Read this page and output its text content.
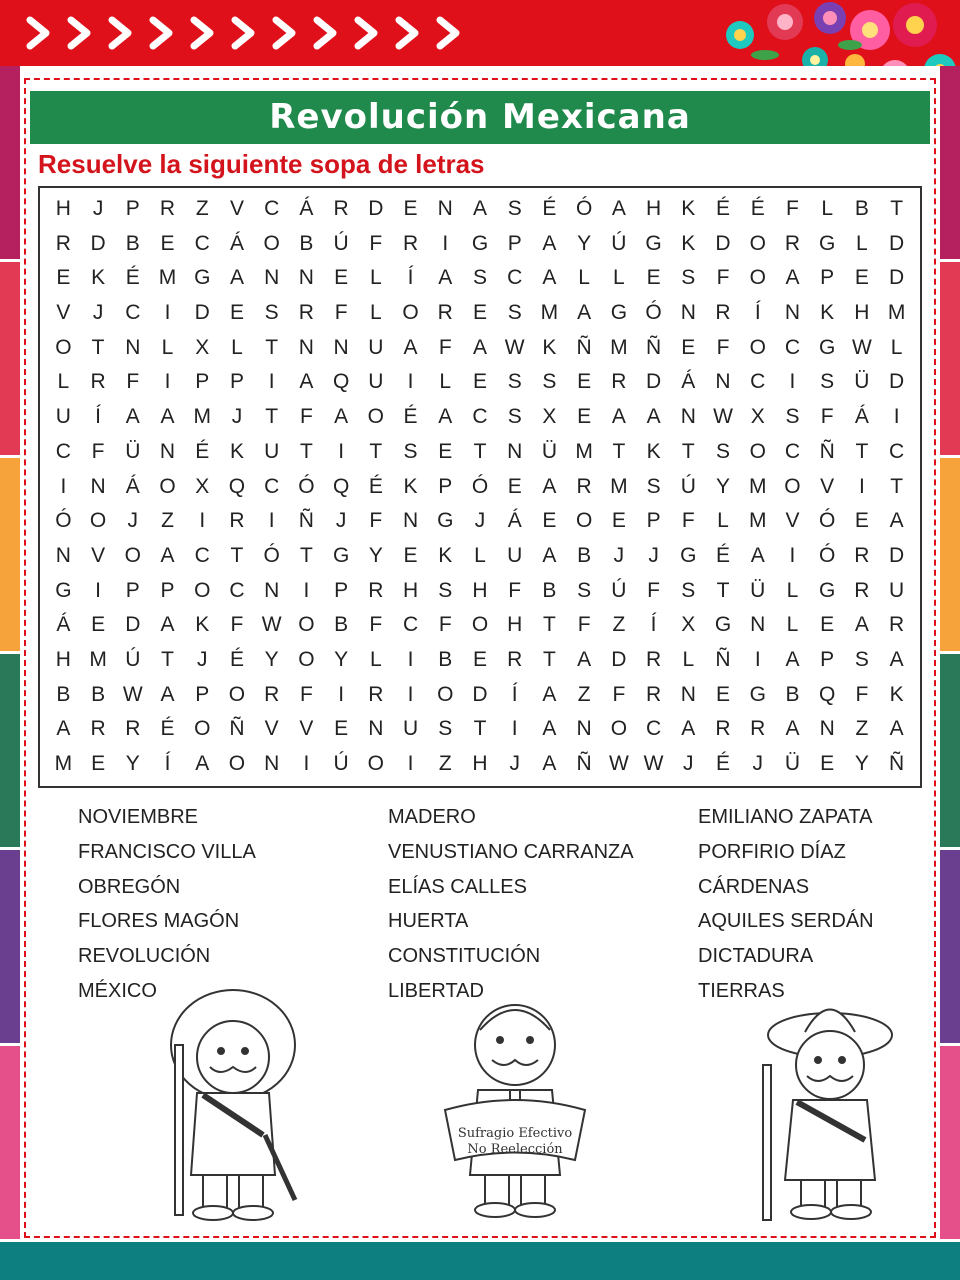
Revolución Mexicana
Resuelve la siguiente sopa de letras
H	J	P R Z	V C Á R D E N A S É Ó A H K É É	F	L	B	T
R D B E C Á O B Ú F R	I	G P A Y Ú G K D O R G L	D
E K É M G A N N E	L	Í	A S C A	L	L	E S	F O A P E D
V	J	C	I	D E S R F	L O R E S M A G Ó N R	Í	N K H M
O T N	L	X	L	T N N U A	F	A W K Ñ M Ñ E	F O C G W L
L	R F	I	P P	I	A Q U	I	L	E S S E R D Á N C	I	S Ü D
U	Í	A A M J	T	F	A O É A C S X E A A N W X S	F	Á	I
C F Ü N É K U T	I	T	S E	T N Ü M T	K	T	S O C Ñ T C
I	N Á O X Q C Ó Q É K P Ó E A R M S Ú Y M O V	I	T
Ó O	J	Z	I	R	I	Ñ	J	F N G	J	Á E O E P	F	L M V Ó E A
N V O A C T Ó T G Y E K	L	U A B	J	J	G É A	I	Ó R D
G	I	P P O C N	I	P R H S H F	B S Ú F	S	T Ü	L G R U
Á E D A K	F W O B	F C F O H T	F	Z	Í	X G N	L	E A R
H M Ú T	J	É Y O Y	L	I	B E R T	A D R	L	Ñ	I	A P S A
B B W A P O R F	I	R	I	O D	Í	A	Z	F R N E G B Q F	K
A R R É O Ñ V V E N U S	T	I	A N O C A R R A N Z	A
M E Y	Í	A O N	I	Ú O	I	Z H	J	A Ñ W W J	É	J	Ü E Y Ñ
NOVIEMBRE
FRANCISCO VILLA
OBREGÓN
FLORES MAGÓN
REVOLUCIÓN
MÉXICO
MADERO
VENUSTIANO CARRANZA
ELÍAS CALLES
HUERTA
CONSTITUCIÓN
LIBERTAD
EMILIANO ZAPATA
PORFIRIO DÍAZ
CÁRDENAS
AQUILES SERDÁN
DICTADURA
TIERRAS
Sufragio Efectivo
No Reelección
